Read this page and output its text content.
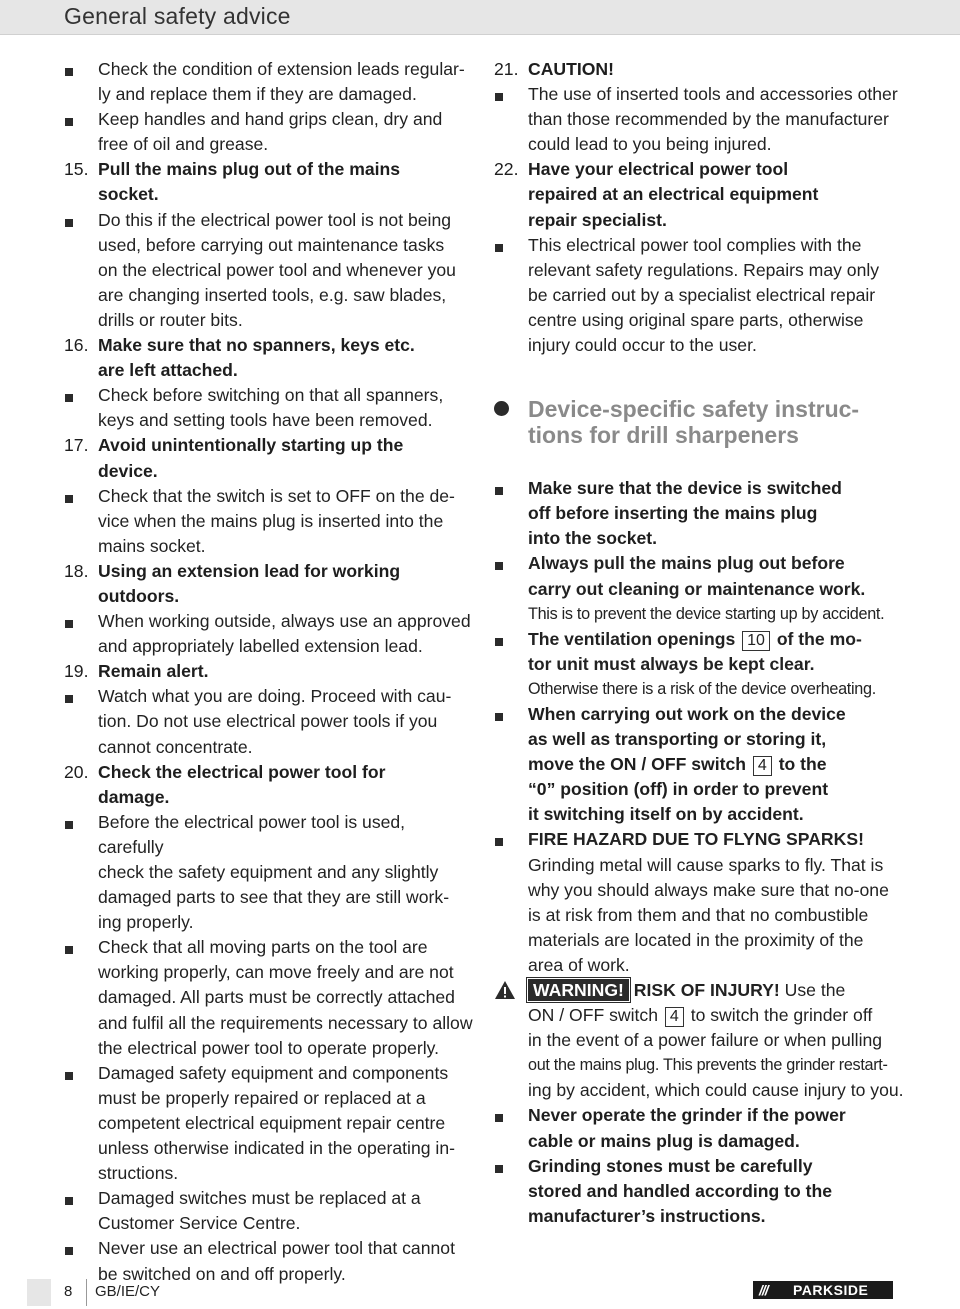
General safety advice
Check the condition of extension leads regular-
ly and replace them if they are damaged.
Keep handles and hand grips clean, dry and
free of oil and grease.
15. Pull the mains plug out of the mains
socket.
Do this if the electrical power tool is not being
used, before carrying out maintenance tasks
on the electrical power tool and whenever you
are changing inserted tools, e.g. saw blades,
drills or router bits.
16. Make sure that no spanners, keys etc.
are left attached.
Check before switching on that all spanners,
keys and setting tools have been removed.
17. Avoid unintentionally starting up the
device.
Check that the switch is set to OFF on the de-
vice when the mains plug is inserted into the
mains socket.
18. Using an extension lead for working
outdoors.
When working outside, always use an approved
and appropriately labelled extension lead.
19. Remain alert.
Watch what you are doing. Proceed with cau-
tion. Do not use electrical power tools if you
cannot concentrate.
20. Check the electrical power tool for
damage.
Before the electrical power tool is used, carefully
check the safety equipment and any slightly
damaged parts to see that they are still work-
ing properly.
Check that all moving parts on the tool are
working properly, can move freely and are not
damaged. All parts must be correctly attached
and fulfil all the requirements necessary to allow
the electrical power tool to operate properly.
Damaged safety equipment and components
must be properly repaired or replaced at a
competent electrical equipment repair centre
unless otherwise indicated in the operating in-
structions.
Damaged switches must be replaced at a
Customer Service Centre.
Never use an electrical power tool that cannot
be switched on and off properly.
21. CAUTION!
The use of inserted tools and accessories other
than those recommended by the manufacturer
could lead to you being injured.
22. Have your electrical power tool
repaired at an electrical equipment
repair specialist.
This electrical power tool complies with the
relevant safety regulations. Repairs may only
be carried out by a specialist electrical repair
centre using original spare parts, otherwise
injury could occur to the user.
Device-specific safety instruc-
tions for drill sharpeners
Make sure that the device is switched
off before inserting the mains plug
into the socket.
Always pull the mains plug out before
carry out cleaning or maintenance work.
This is to prevent the device starting up by accident.
The ventilation openings 10 of the mo-
tor unit must always be kept clear.
Otherwise there is a risk of the device overheating.
When carrying out work on the device
as well as transporting or storing it,
move the ON / OFF switch 4 to the
“0” position (off) in order to prevent
it switching itself on by accident.
FIRE HAZARD DUE TO FLYNG SPARKS!
Grinding metal will cause sparks to fly. That is
why you should always make sure that no-one
is at risk from them and that no combustible
materials are located in the proximity of the
area of work.
WARNING! RISK OF INJURY! Use the
ON / OFF switch 4 to switch the grinder off
in the event of a power failure or when pulling
out the mains plug. This prevents the grinder restart-
ing by accident, which could cause injury to you.
Never operate the grinder if the power
cable or mains plug is damaged.
Grinding stones must be carefully
stored and handled according to the
manufacturer’s instructions.
8 GB/IE/CY	/// PARKSIDE
